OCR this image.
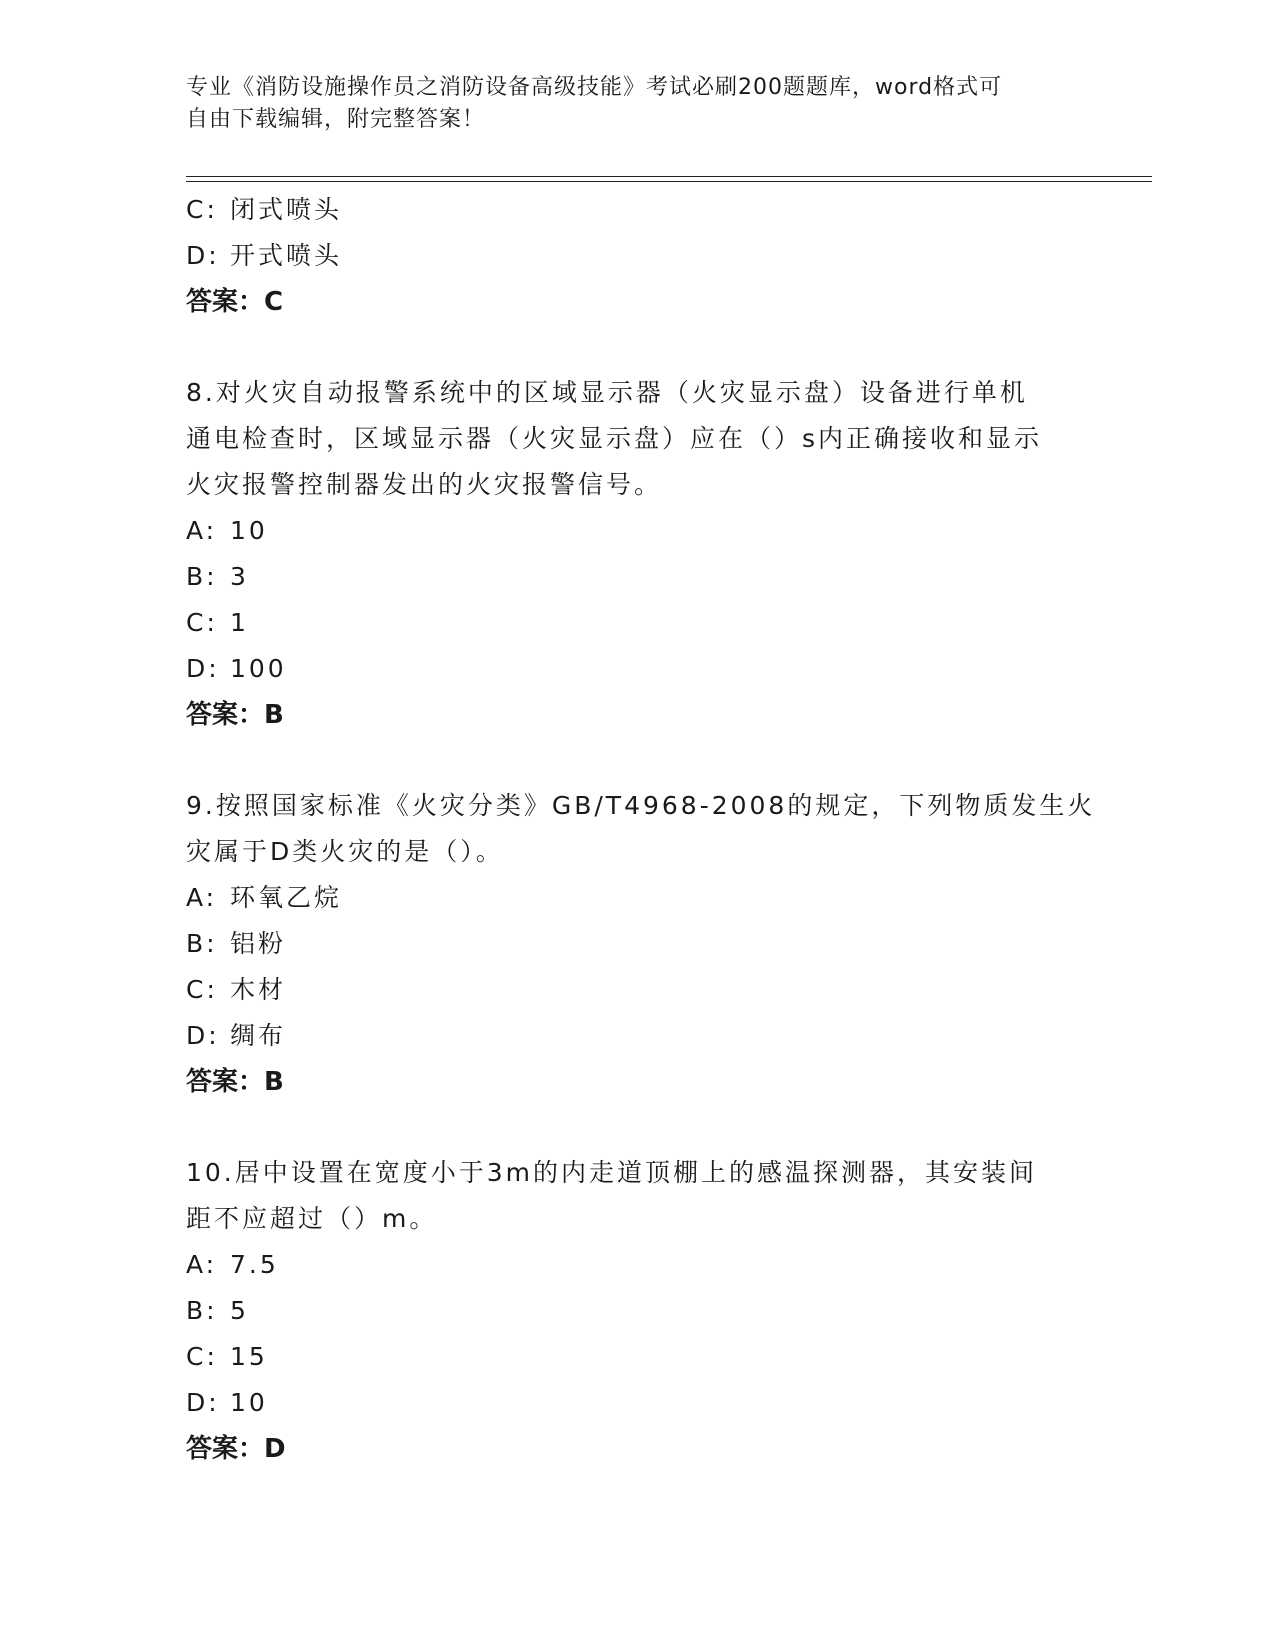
专业《消防设施操作员之消防设备高级技能》考试必刷200题题库，word格式可
自由下载编辑，附完整答案！
C: 闭式喷头
D: 开式喷头
答案：C
8.对火灾自动报警系统中的区域显示器（火灾显示盘）设备进行单机
通电检查时，区域显示器（火灾显示盘）应在（）s内正确接收和显示
火灾报警控制器发出的火灾报警信号。
A: 10
B: 3
C: 1
D: 100
答案：B
9.按照国家标准《火灾分类》GB/T4968-2008的规定，下列物质发生火
灾属于D类火灾的是（）。
A: 环氧乙烷
B: 铝粉
C: 木材
D: 绸布
答案：B
10.居中设置在宽度小于3m的内走道顶棚上的感温探测器，其安装间
距不应超过（）m。
A: 7.5
B: 5
C: 15
D: 10
答案：D
